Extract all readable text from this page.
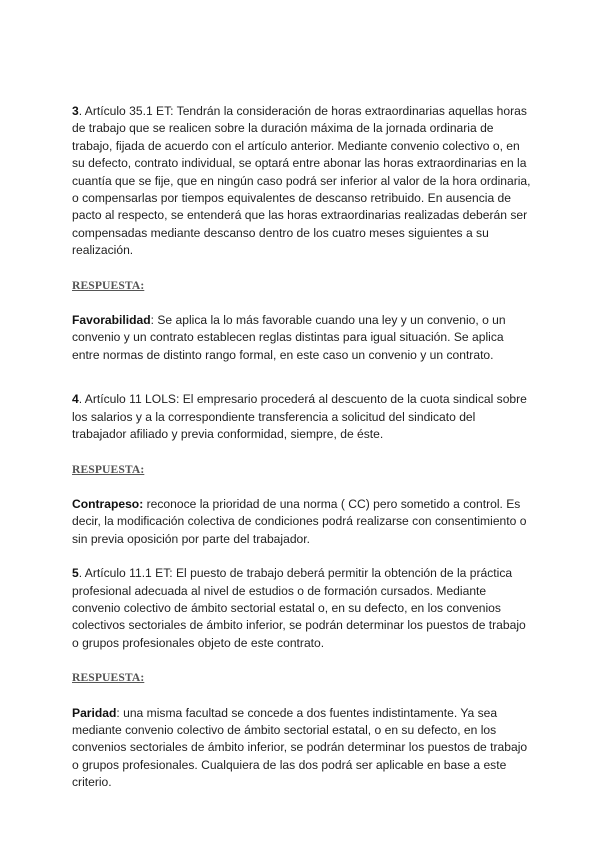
3. Artículo 35.1 ET: Tendrán la consideración de horas extraordinarias aquellas horas de trabajo que se realicen sobre la duración máxima de la jornada ordinaria de trabajo, fijada de acuerdo con el artículo anterior. Mediante convenio colectivo o, en su defecto, contrato individual, se optará entre abonar las horas extraordinarias en la cuantía que se fije, que en ningún caso podrá ser inferior al valor de la hora ordinaria, o compensarlas por tiempos equivalentes de descanso retribuido. En ausencia de pacto al respecto, se entenderá que las horas extraordinarias realizadas deberán ser compensadas mediante descanso dentro de los cuatro meses siguientes a su realización.

RESPUESTA:

Favorabilidad: Se aplica la lo más favorable cuando una ley y un convenio, o un convenio y un contrato establecen reglas distintas para igual situación. Se aplica entre normas de distinto rango formal, en este caso un convenio y un contrato.

4. Artículo 11 LOLS: El empresario procederá al descuento de la cuota sindical sobre los salarios y a la correspondiente transferencia a solicitud del sindicato del trabajador afiliado y previa conformidad, siempre, de éste.

RESPUESTA:

Contrapeso: reconoce la prioridad de una norma ( CC) pero sometido a control. Es decir, la modificación colectiva de condiciones podrá realizarse con consentimiento o sin previa oposición por parte del trabajador.

5. Artículo 11.1 ET: El puesto de trabajo deberá permitir la obtención de la práctica profesional adecuada al nivel de estudios o de formación cursados. Mediante convenio colectivo de ámbito sectorial estatal o, en su defecto, en los convenios colectivos sectoriales de ámbito inferior, se podrán determinar los puestos de trabajo o grupos profesionales objeto de este contrato.

RESPUESTA:

Paridad: una misma facultad se concede a dos fuentes indistintamente. Ya sea mediante convenio colectivo de ámbito sectorial estatal, o en su defecto, en los convenios sectoriales de ámbito inferior, se podrán determinar los puestos de trabajo o grupos profesionales. Cualquiera de las dos podrá ser aplicable en base a este criterio.
